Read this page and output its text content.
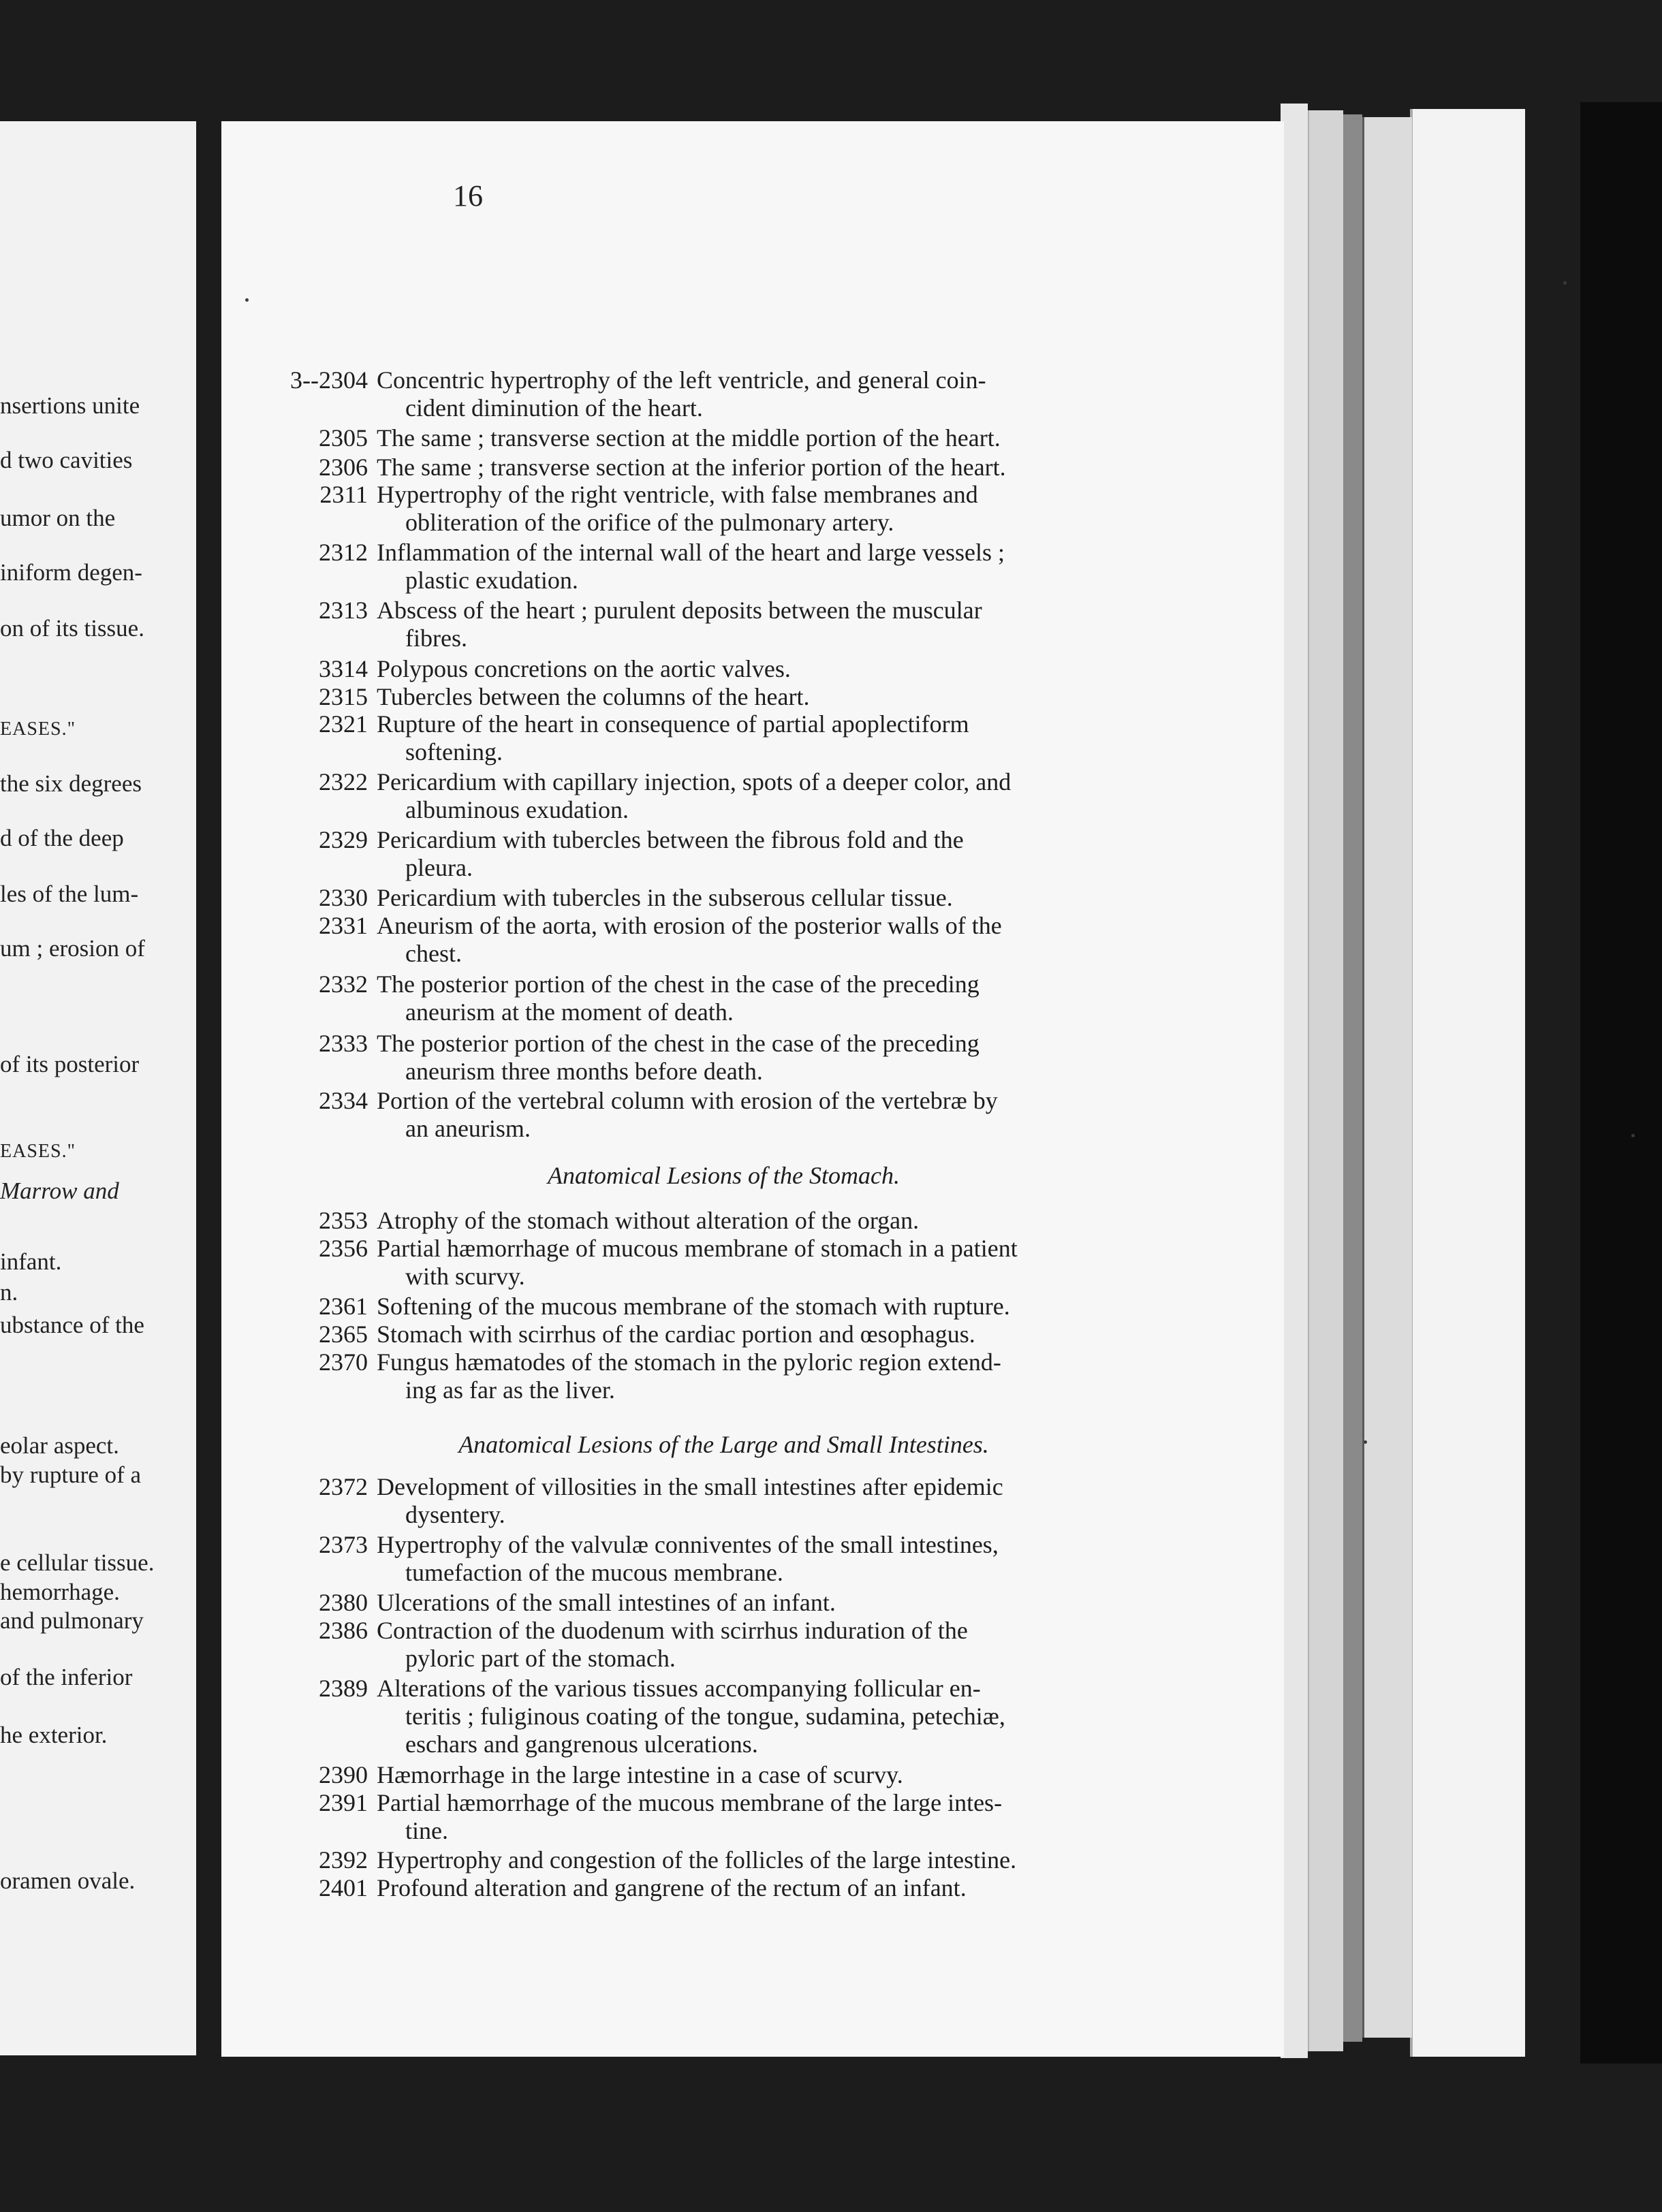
nsertions unite
d two cavities
umor on the
iniform degen-
on of its tissue.
EASES."
the six degrees
d of the deep
les of the lum-
um ; erosion of
of its posterior
EASES."
Marrow and
infant.
n.
ubstance of the
eolar aspect.
by rupture of a
e cellular tissue.
hemorrhage.
and pulmonary
of the inferior
he exterior.
oramen ovale.
16
3--2304 Concentric hypertrophy of the left ventricle, and general coin-
cident diminution of the heart.
2305 The same ; transverse section at the middle portion of the heart.
2306 The same ; transverse section at the inferior portion of the heart.
2311 Hypertrophy of the right ventricle, with false membranes and
obliteration of the orifice of the pulmonary artery.
2312 Inflammation of the internal wall of the heart and large vessels ;
plastic exudation.
2313 Abscess of the heart ; purulent deposits between the muscular
fibres.
3314 Polypous concretions on the aortic valves.
2315 Tubercles between the columns of the heart.
2321 Rupture of the heart in consequence of partial apoplectiform
softening.
2322 Pericardium with capillary injection, spots of a deeper color, and
albuminous exudation.
2329 Pericardium with tubercles between the fibrous fold and the
pleura.
2330 Pericardium with tubercles in the subserous cellular tissue.
2331 Aneurism of the aorta, with erosion of the posterior walls of the
chest.
2332 The posterior portion of the chest in the case of the preceding
aneurism at the moment of death.
2333 The posterior portion of the chest in the case of the preceding
aneurism three months before death.
2334 Portion of the vertebral column with erosion of the vertebræ by
an aneurism.
Anatomical Lesions of the Stomach.
2353 Atrophy of the stomach without alteration of the organ.
2356 Partial hæmorrhage of mucous membrane of stomach in a patient
with scurvy.
2361 Softening of the mucous membrane of the stomach with rupture.
2365 Stomach with scirrhus of the cardiac portion and œsophagus.
2370 Fungus hæmatodes of the stomach in the pyloric region extend-
ing as far as the liver.
Anatomical Lesions of the Large and Small Intestines.
2372 Development of villosities in the small intestines after epidemic
dysentery.
2373 Hypertrophy of the valvulæ conniventes of the small intestines,
tumefaction of the mucous membrane.
2380 Ulcerations of the small intestines of an infant.
2386 Contraction of the duodenum with scirrhus induration of the
pyloric part of the stomach.
2389 Alterations of the various tissues accompanying follicular en-
teritis ; fuliginous coating of the tongue, sudamina, petechiæ,
eschars and gangrenous ulcerations.
2390 Hæmorrhage in the large intestine in a case of scurvy.
2391 Partial hæmorrhage of the mucous membrane of the large intes-
tine.
2392 Hypertrophy and congestion of the follicles of the large intestine.
2401 Profound alteration and gangrene of the rectum of an infant.
